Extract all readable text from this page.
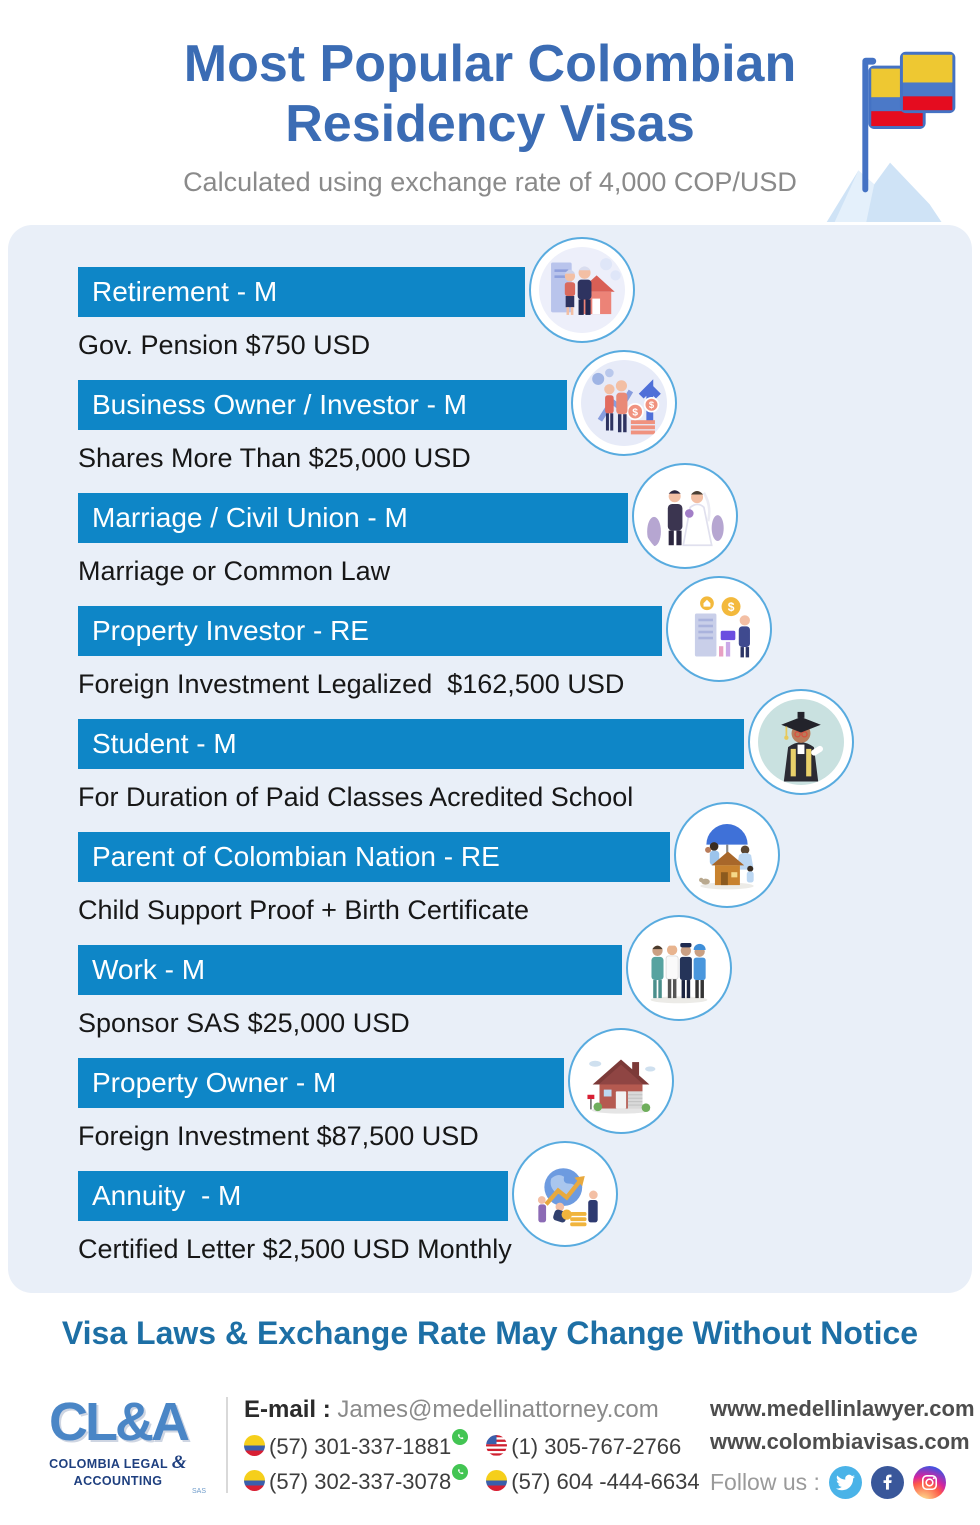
Most Popular Colombian
Residency Visas
Calculated using exchange rate of 4,000 COP/USD
Retirement - M
Gov. Pension $750 USD
Business Owner / Investor - M
Shares More Than $25,000 USD
$
$
Marriage / Civil Union - M
Marriage or Common Law
Property Investor - RE
Foreign Investment Legalized  $162,500 USD
$
Student - M
For Duration of Paid Classes Acredited School
Parent of Colombian Nation - RE
Child Support Proof + Birth Certificate
Work - M
Sponsor SAS $25,000 USD
Property Owner - M
Foreign Investment $87,500 USD
Annuity  - M
Certified Letter $2,500 USD Monthly
Visa Laws & Exchange Rate May Change Without Notice
CL&A
COLOMBIA LEGAL & ACCOUNTING
SAS
E-mail : James@medellinattorney.com
(57) 301-337-1881	(1) 305-767-2766
(57) 302-337-3078	(57) 604 -444-6634
www.medellinlawyer.com
www.colombiavisas.com
Follow us :
